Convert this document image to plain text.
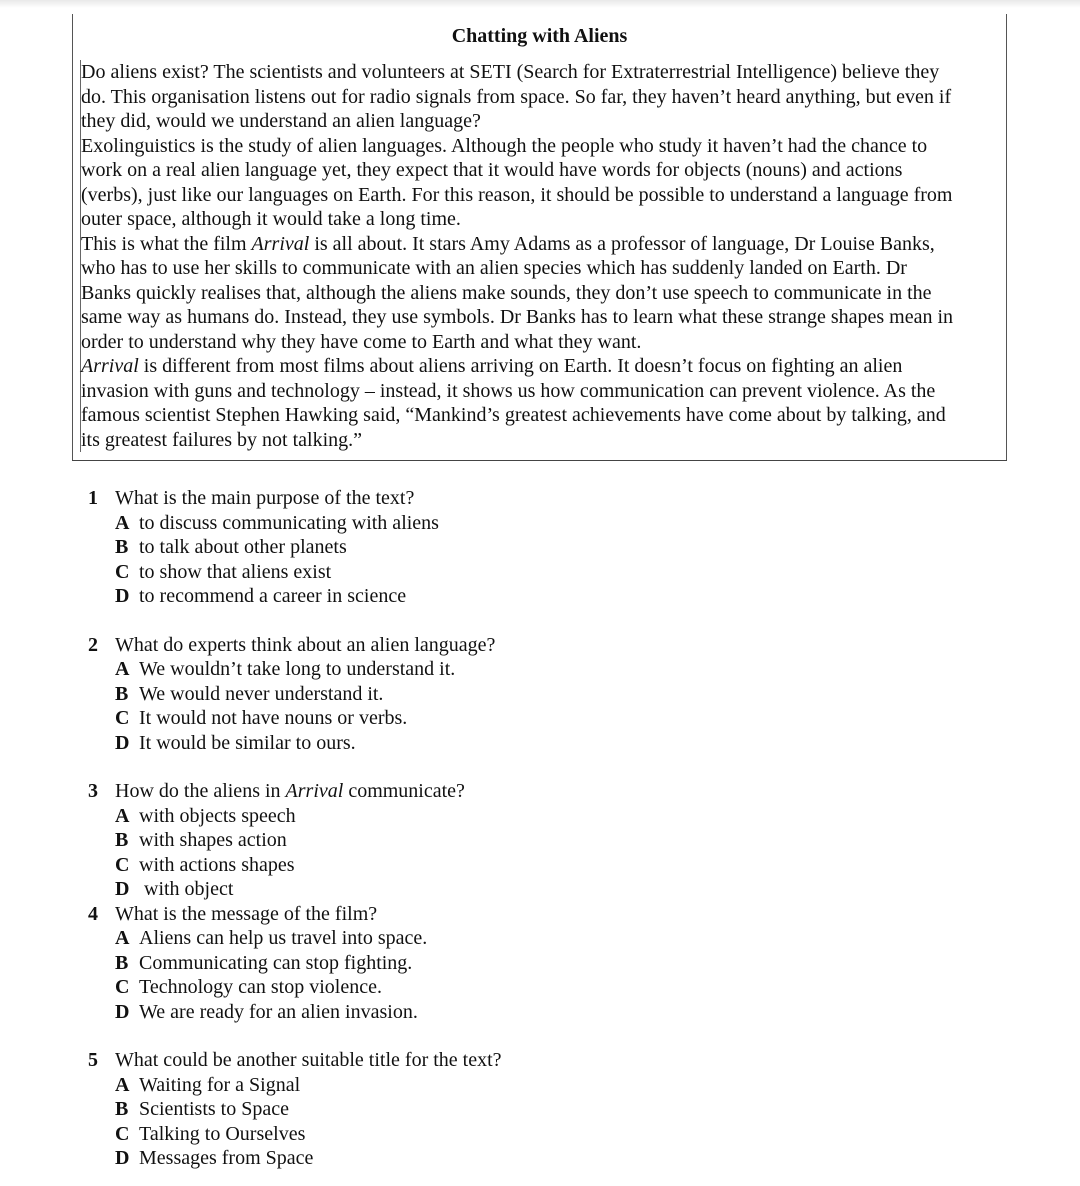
Chatting with Aliens

Do aliens exist? The scientists and volunteers at SETI (Search for Extraterrestrial Intelligence) believe they
do. This organisation listens out for radio signals from space. So far, they haven’t heard anything, but even if
they did, would we understand an alien language?

Exolinguistics is the study of alien languages. Although the people who study it haven’t had the chance to
work on a real alien language yet, they expect that it would have words for objects (nouns) and actions
(verbs), just like our languages on Earth. For this reason, it should be possible to understand a language from
outer space, although it would take a long time.

This is what the film Arrival is all about. It stars Amy Adams as a professor of language, Dr Louise Banks,
who has to use her skills to communicate with an alien species which has suddenly landed on Earth. Dr
Banks quickly realises that, although the aliens make sounds, they don’t use speech to communicate in the
same way as humans do. Instead, they use symbols. Dr Banks has to learn what these strange shapes mean in
order to understand why they have come to Earth and what they want.

Arrival is different from most films about aliens arriving on Earth. It doesn’t focus on fighting an alien
invasion with guns and technology – instead, it shows us how communication can prevent violence. As the
famous scientist Stephen Hawking said, “Mankind’s greatest achievements have come about by talking, and
its greatest failures by not talking.”

1 What is the main purpose of the text?
A to discuss communicating with aliens
B to talk about other planets
C to show that aliens exist
D to recommend a career in science
2 What do experts think about an alien language?
A We wouldn’t take long to understand it.
B We would never understand it.
C It would not have nouns or verbs.
D It would be similar to ours.
3 How do the aliens in Arrival communicate?
A with objects speech
B with shapes action
C with actions shapes
D with object
4 What is the message of the film?
A Aliens can help us travel into space.
B Communicating can stop fighting.
C Technology can stop violence.
D We are ready for an alien invasion.
5 What could be another suitable title for the text?
A Waiting for a Signal
B Scientists to Space
C Talking to Ourselves
D Messages from Space
